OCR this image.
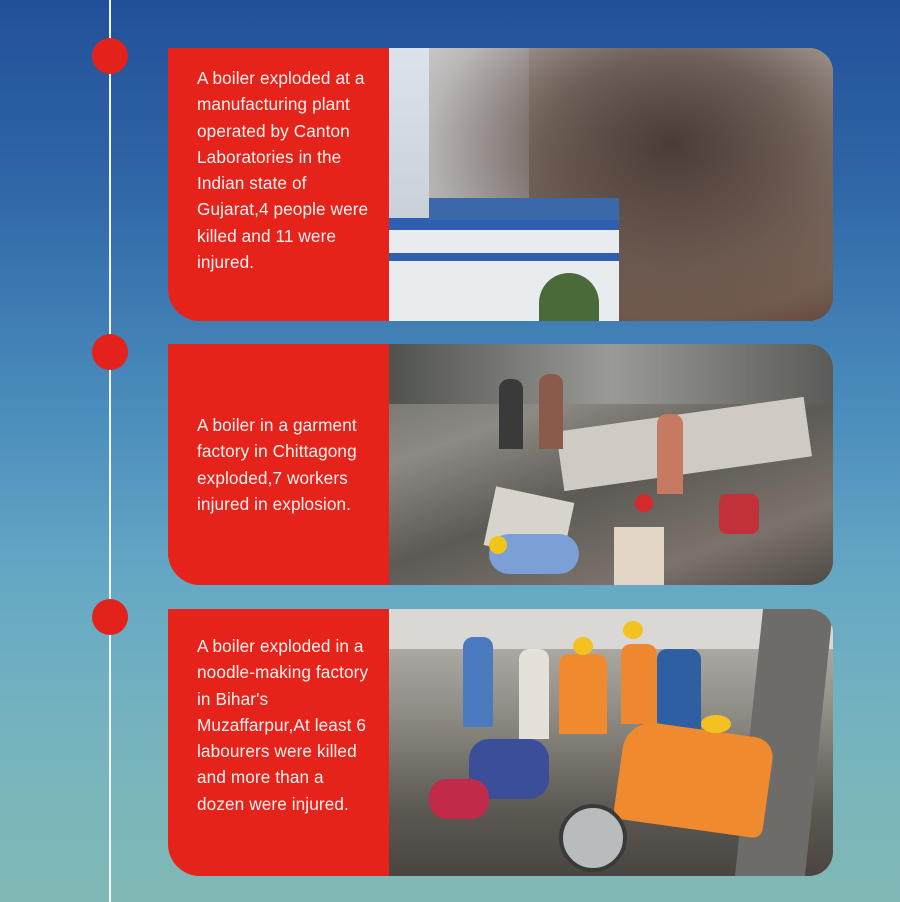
A boiler exploded at a manufacturing plant operated by Canton Laboratories in the Indian state of Gujarat,4 people were killed and 11 were injured.
A boiler in a garment factory in Chittagong exploded,7 workers injured in explosion.
A boiler exploded in a noodle-making factory in Bihar's Muzaffarpur,At least 6 labourers were killed and more than a dozen were injured.
